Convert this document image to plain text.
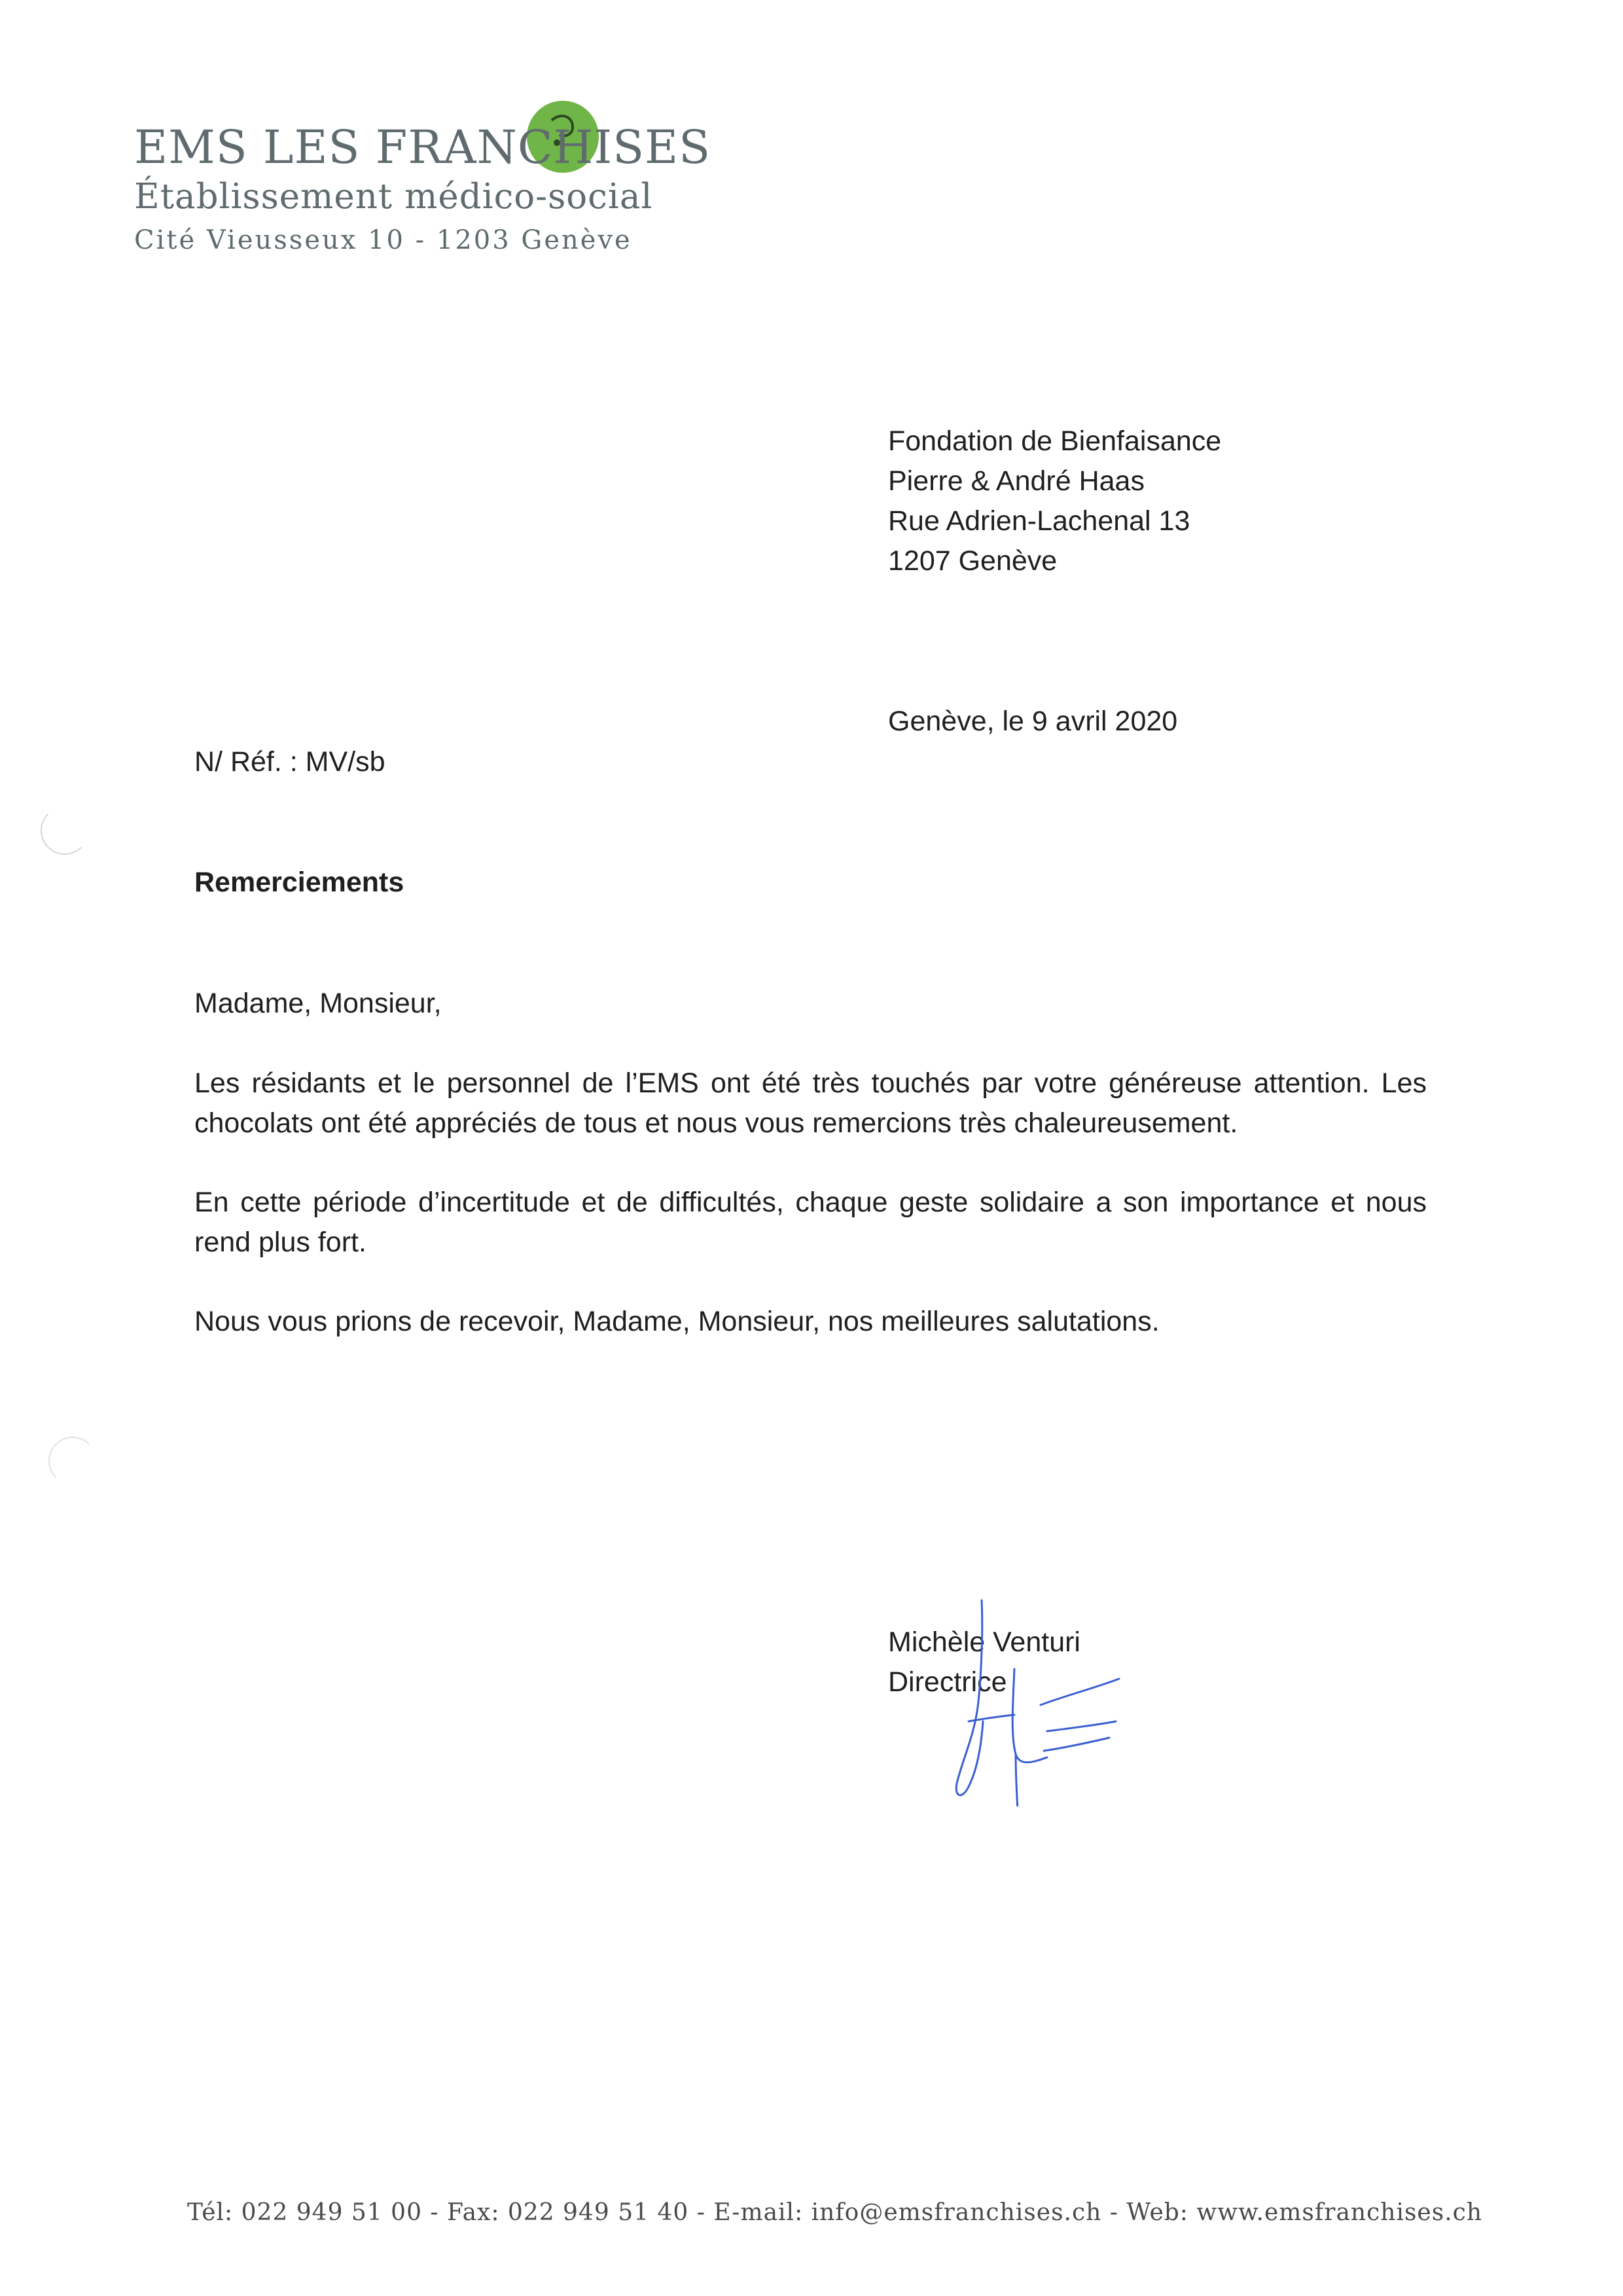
EMS LES FRANCHISES
Établissement médico-social
Cité Vieusseux 10 - 1203 Genève
Fondation de Bienfaisance
Pierre & André Haas
Rue Adrien-Lachenal 13
1207 Genève
Genève, le 9 avril 2020
N/ Réf. : MV/sb
Remerciements
Madame, Monsieur,
Les résidants et le personnel de l’EMS ont été très touchés par votre généreuse attention. Les chocolats ont été appréciés de tous et nous vous remercions très chaleureusement.
En cette période d’incertitude et de difficultés, chaque geste solidaire a son importance et nous rend plus fort.
Nous vous prions de recevoir, Madame, Monsieur, nos meilleures salutations.
Michèle Venturi
Directrice
Tél: 022 949 51 00 - Fax: 022 949 51 40 - E-mail: info@emsfranchises.ch - Web: www.emsfranchises.ch
